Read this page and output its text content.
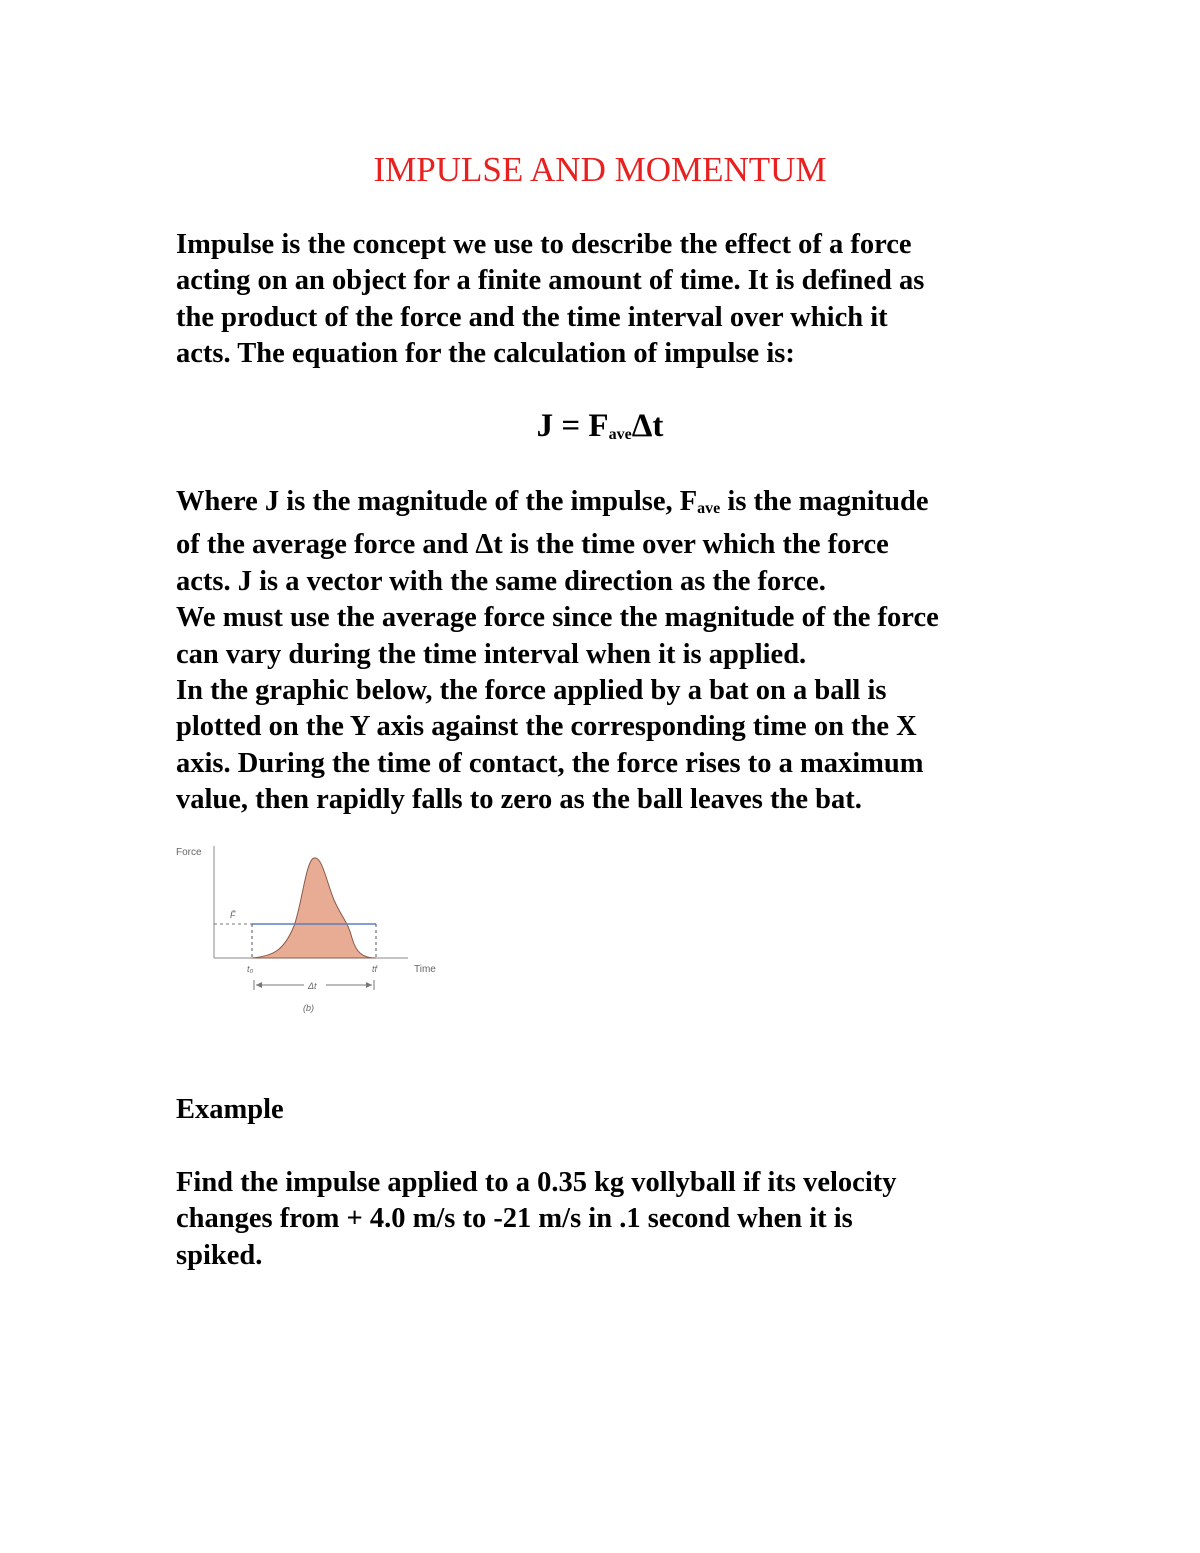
IMPULSE AND MOMENTUM

Impulse is the concept we use to describe the effect of a force
acting on an object for a finite amount of time. It is defined as
the product of the force and the time interval over which it
acts. The equation for the calculation of impulse is:

$J = F_{ave}\Delta t$

Where J is the magnitude of the impulse, $F_{ave}$ is the magnitude
of the average force and Δt is the time over which the force
acts. J is a vector with the same direction as the force.
We must use the average force since the magnitude of the force
can vary during the time interval when it is applied.
In the graphic below, the force applied by a bat on a ball is
plotted on the Y axis against the corresponding time on the X
axis. During the time of contact, the force rises to a maximum
value, then rapidly falls to zero as the ball leaves the bat.

Example

Find the impulse applied to a 0.35 kg vollyball if its velocity
changes from + 4.0 m/s to -21 m/s in .1 second when it is
spiked.

Force
Time
F̄
t₀	tf
Δt
(b)
